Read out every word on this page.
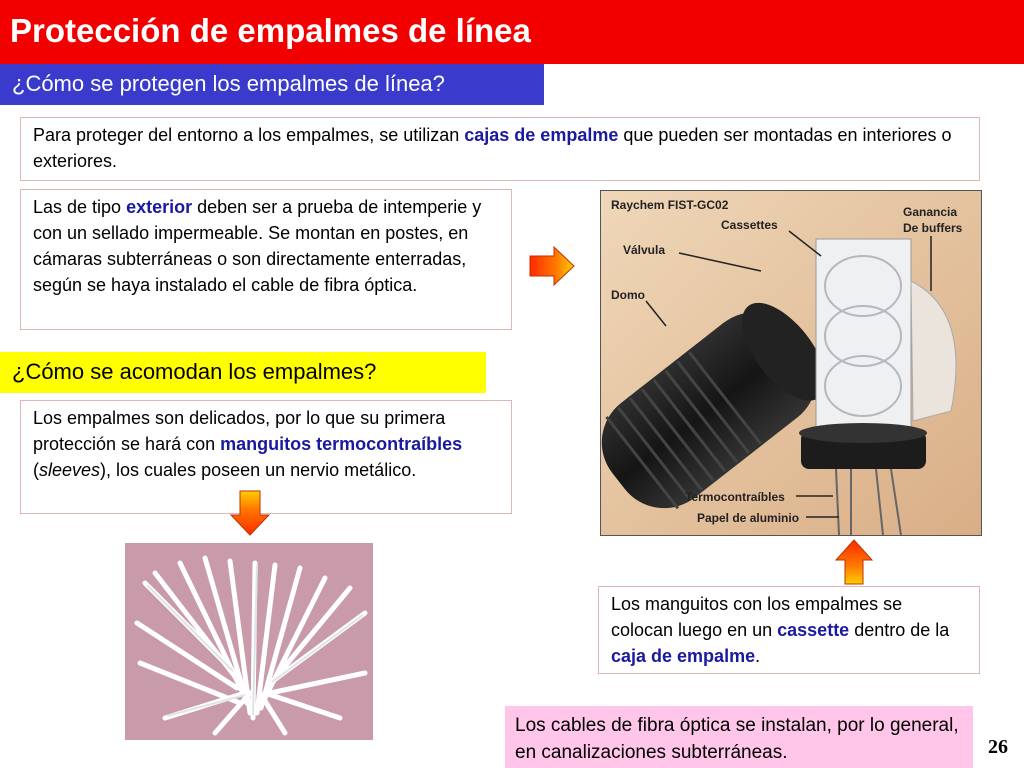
Protección de empalmes de línea
¿Cómo se protegen los empalmes de línea?
Para proteger del entorno a los empalmes, se utilizan cajas de empalme que pueden ser montadas en interiores o exteriores.
Las de tipo exterior deben ser a prueba de intemperie y con un sellado impermeable. Se montan en postes, en cámaras subterráneas o son directamente enterradas, según se haya instalado el cable de fibra óptica.
Raychem FIST-GC02
Cassettes
Ganancia
De buffers
Válvula
Domo
Termocontraíbles
Papel de aluminio
¿Cómo se acomodan los empalmes?
Los empalmes son delicados, por lo que su primera protección se hará con manguitos termocontraíbles (sleeves), los cuales poseen un nervio metálico.
Los manguitos con los empalmes se colocan luego en un cassette dentro de la caja de empalme.
Los cables de fibra óptica se instalan, por lo general, en canalizaciones subterráneas.	26
